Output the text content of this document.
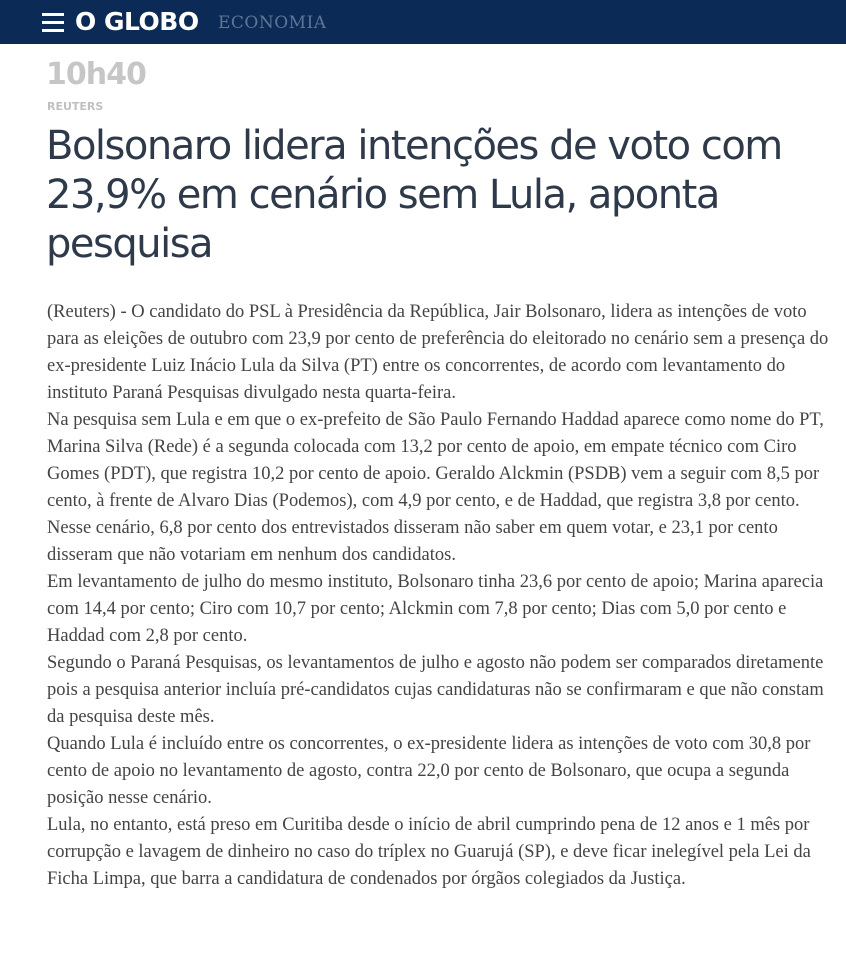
O GLOBO ECONOMIA
10h40
REUTERS
Bolsonaro lidera intenções de voto com 23,9% em cenário sem Lula, aponta pesquisa

(Reuters) - O candidato do PSL à Presidência da República, Jair Bolsonaro, lidera as intenções de voto para as eleições de outubro com 23,9 por cento de preferência do eleitorado no cenário sem a presença do ex-presidente Luiz Inácio Lula da Silva (PT) entre os concorrentes, de acordo com levantamento do instituto Paraná Pesquisas divulgado nesta quarta-feira.

Na pesquisa sem Lula e em que o ex-prefeito de São Paulo Fernando Haddad aparece como nome do PT, Marina Silva (Rede) é a segunda colocada com 13,2 por cento de apoio, em empate técnico com Ciro Gomes (PDT), que registra 10,2 por cento de apoio. Geraldo Alckmin (PSDB) vem a seguir com 8,5 por cento, à frente de Alvaro Dias (Podemos), com 4,9 por cento, e de Haddad, que registra 3,8 por cento. Nesse cenário, 6,8 por cento dos entrevistados disseram não saber em quem votar, e 23,1 por cento disseram que não votariam em nenhum dos candidatos.

Em levantamento de julho do mesmo instituto, Bolsonaro tinha 23,6 por cento de apoio; Marina aparecia com 14,4 por cento; Ciro com 10,7 por cento; Alckmin com 7,8 por cento; Dias com 5,0 por cento e Haddad com 2,8 por cento.

Segundo o Paraná Pesquisas, os levantamentos de julho e agosto não podem ser comparados diretamente pois a pesquisa anterior incluía pré-candidatos cujas candidaturas não se confirmaram e que não constam da pesquisa deste mês.

Quando Lula é incluído entre os concorrentes, o ex-presidente lidera as intenções de voto com 30,8 por cento de apoio no levantamento de agosto, contra 22,0 por cento de Bolsonaro, que ocupa a segunda posição nesse cenário.

Lula, no entanto, está preso em Curitiba desde o início de abril cumprindo pena de 12 anos e 1 mês por corrupção e lavagem de dinheiro no caso do tríplex no Guarujá (SP), e deve ficar inelegível pela Lei da Ficha Limpa, que barra a candidatura de condenados por órgãos colegiados da Justiça.
